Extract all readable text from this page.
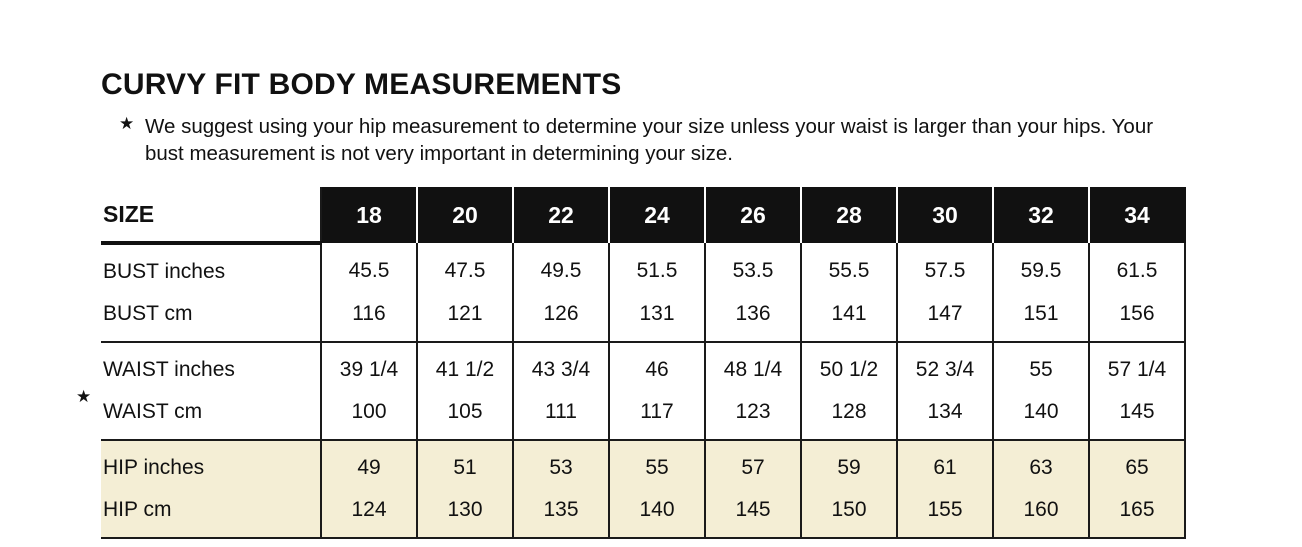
CURVY FIT BODY MEASUREMENTS
★ We suggest using your hip measurement to determine your size unless your waist is larger than your hips. Your bust measurement is not very important in determining your size.
★
SIZE	18	20	22	24	26	28	30	32	34
BUST inches	45.5	47.5	49.5	51.5	53.5	55.5	57.5	59.5	61.5
BUST cm	116	121	126	131	136	141	147	151	156
WAIST inches	39 1/4	41 1/2	43 3/4	46	48 1/4	50 1/2	52 3/4	55	57 1/4
WAIST cm	100	105	111	117	123	128	134	140	145
HIP inches	49	51	53	55	57	59	61	63	65
HIP cm	124	130	135	140	145	150	155	160	165
